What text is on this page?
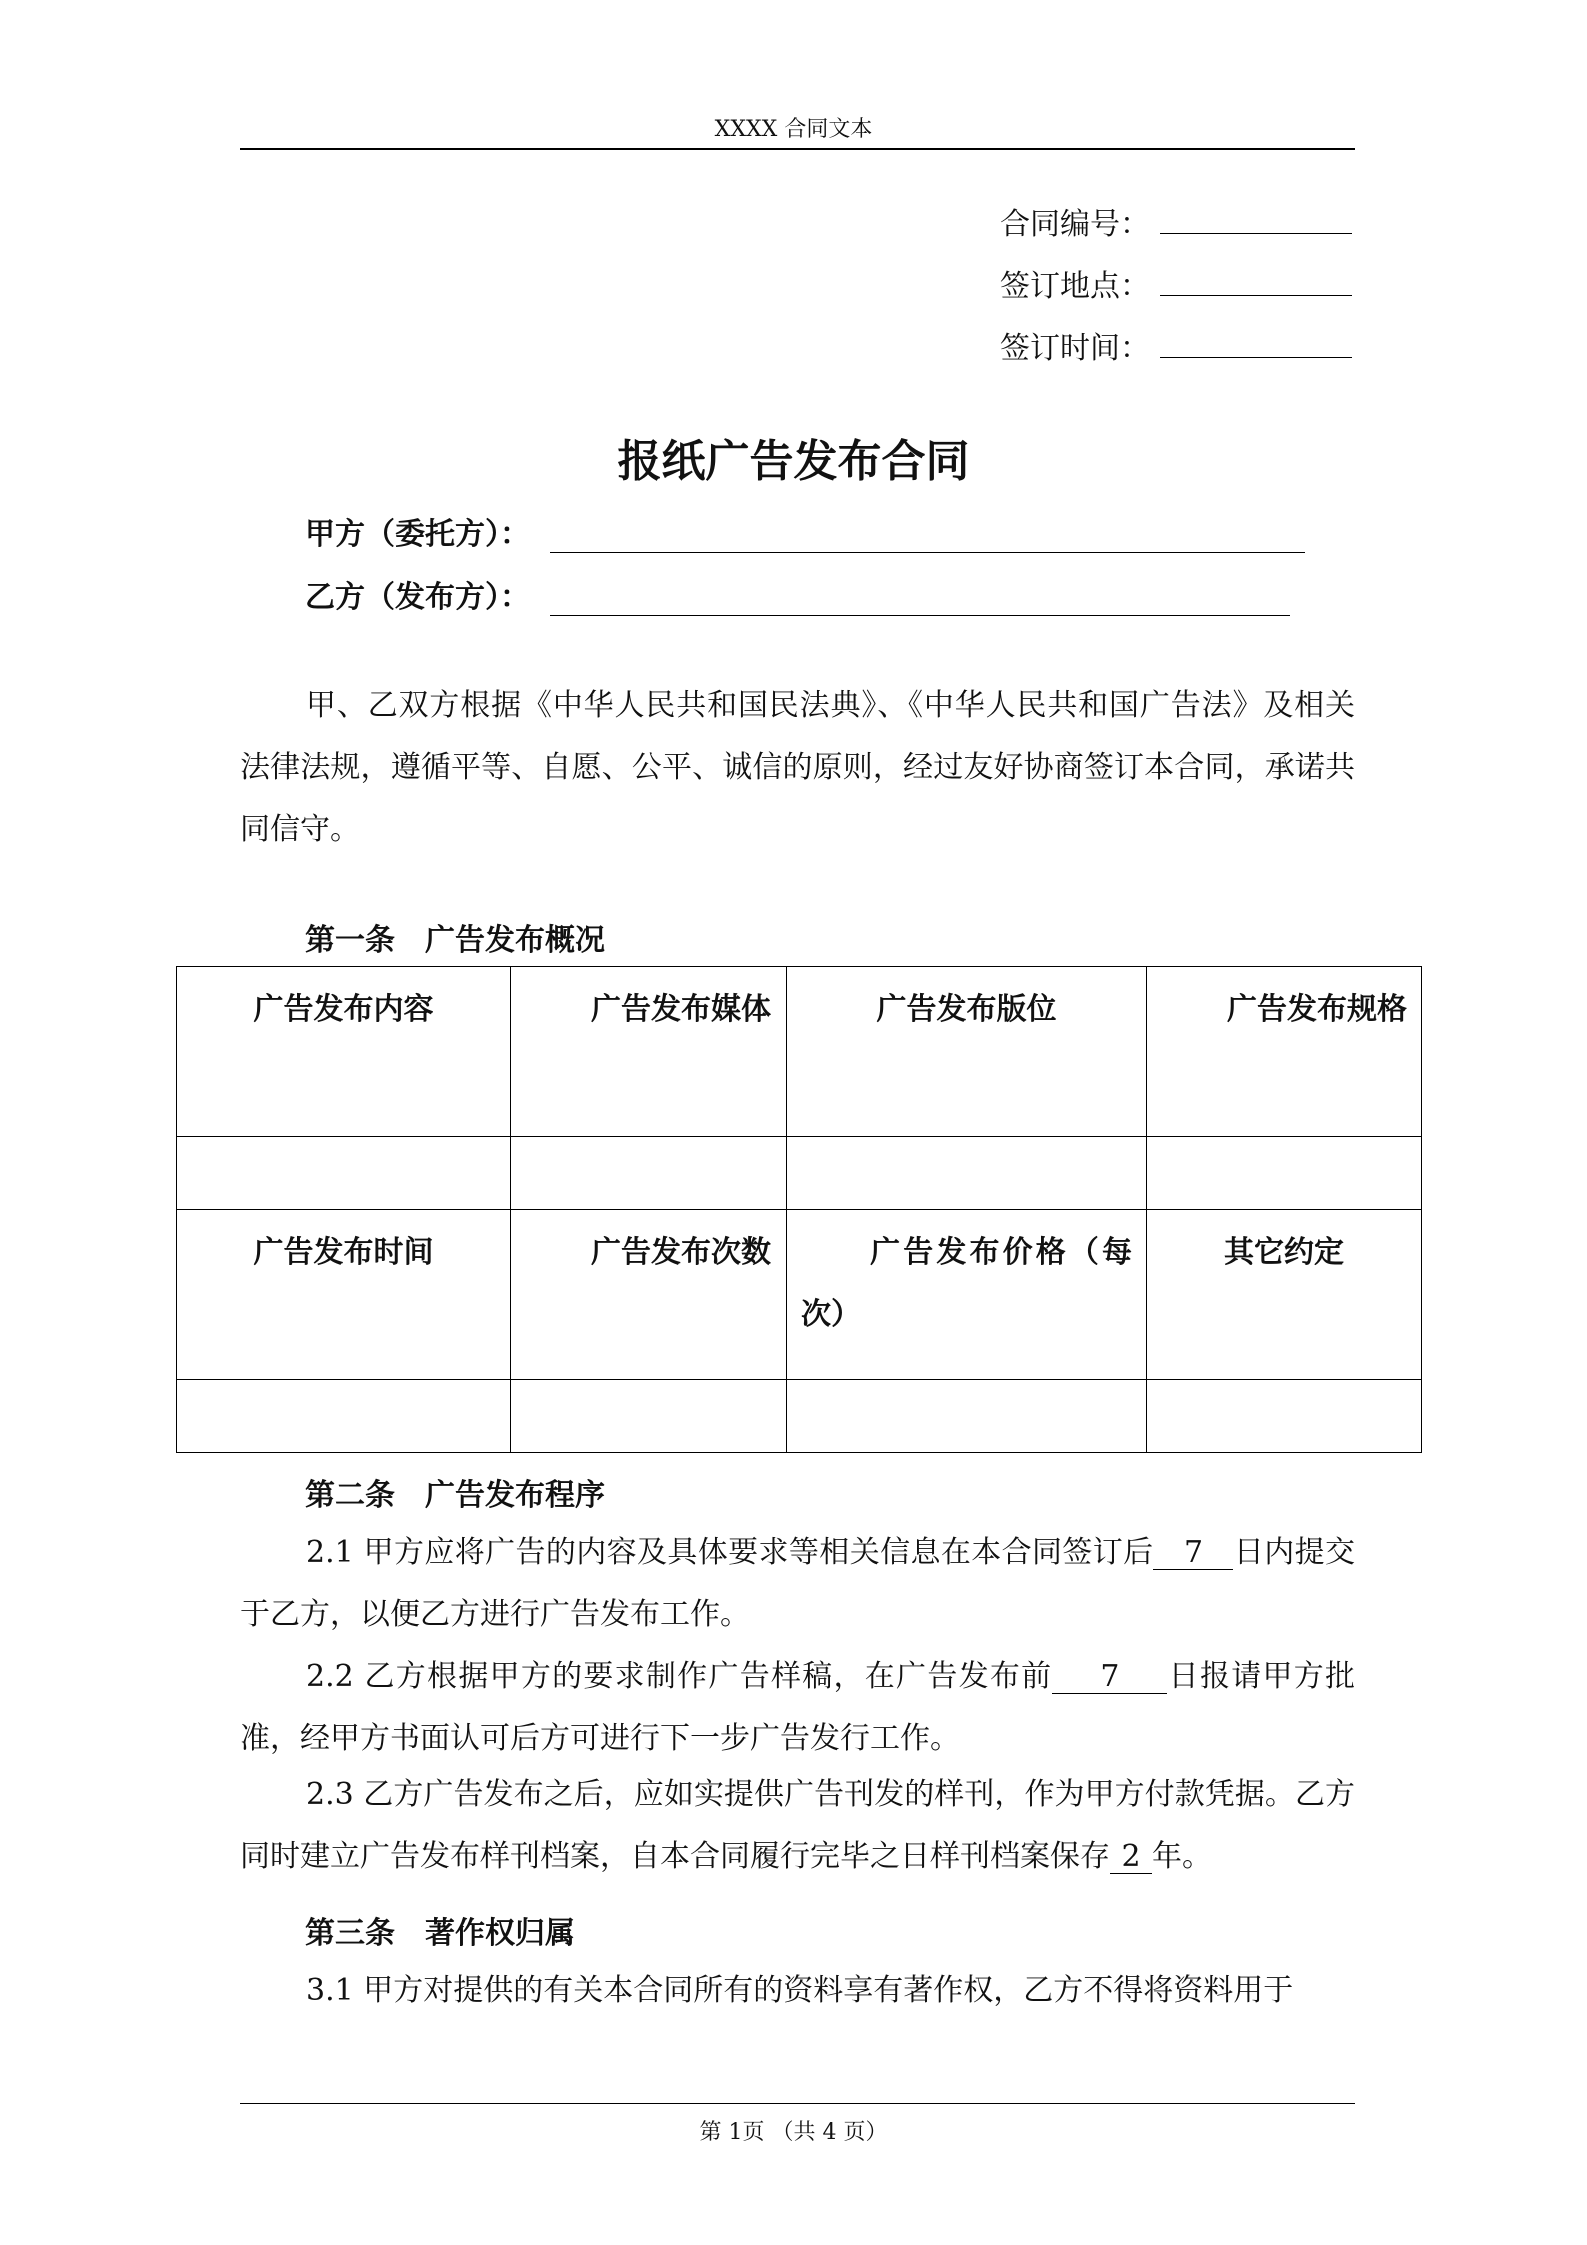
XXXX 合同文本
合同编号：
签订地点：
签订时间：
报纸广告发布合同
甲方（委托方）：
乙方（发布方）：

甲、乙双方根据《中华人民共和国民法典》、《中华人民共和国广告法》及相关法律法规，遵循平等、自愿、公平、诚信的原则，经过友好协商签订本合同，承诺共同信守。

第一条　广告发布概况
广告发布内容	广告发布媒体	广告发布版位	广告发布规格

广告发布时间	广告发布次数	广告发布价格（每次）	其它约定

第二条　广告发布程序

2.1 甲方应将广告的内容及具体要求等相关信息在本合同签订后 7 日内提交于乙方，以便乙方进行广告发布工作。

2.2 乙方根据甲方的要求制作广告样稿，在广告发布前 7 日报请甲方批准，经甲方书面认可后方可进行下一步广告发行工作。

2.3 乙方广告发布之后，应如实提供广告刊发的样刊，作为甲方付款凭据。乙方同时建立广告发布样刊档案，自本合同履行完毕之日样刊档案保存 2 年。

第三条　著作权归属

3.1 甲方对提供的有关本合同所有的资料享有著作权，乙方不得将资料用于

第 1页 （共 4 页）
